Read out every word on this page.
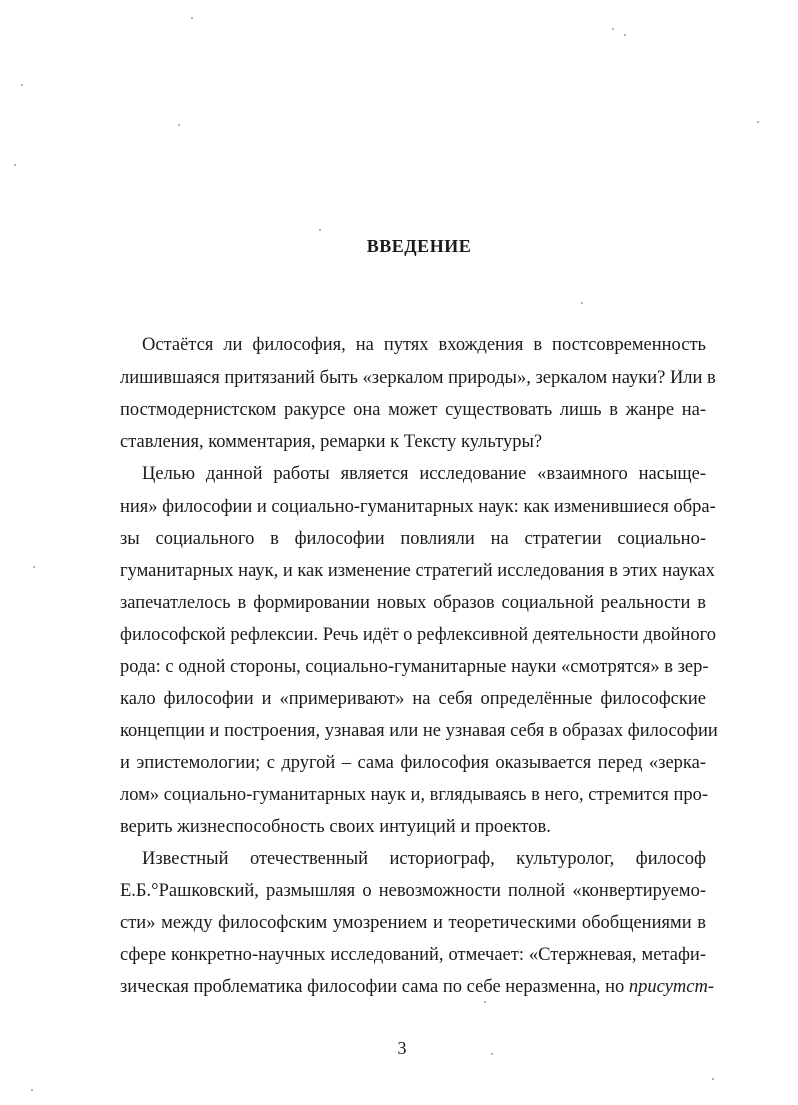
ВВЕДЕНИЕ
Остаётся ли философия, на путях вхождения в постсовременность
лишившаяся притязаний быть «зеркалом природы», зеркалом науки? Или в
постмодернистском ракурсе она может существовать лишь в жанре на-
ставления, комментария, ремарки к Тексту культуры?
Целью данной работы является исследование «взаимного насыще-
ния» философии и социально-гуманитарных наук: как изменившиеся обра-
зы социального в философии повлияли на стратегии социально-
гуманитарных наук, и как изменение стратегий исследования в этих науках
запечатлелось в формировании новых образов социальной реальности в
философской рефлексии. Речь идёт о рефлексивной деятельности двойного
рода: с одной стороны, социально-гуманитарные науки «смотрятся» в зер-
кало философии и «примеривают» на себя определённые философские
концепции и построения, узнавая или не узнавая себя в образах философии
и эпистемологии; с другой – сама философия оказывается перед «зерка-
лом» социально-гуманитарных наук и, вглядываясь в него, стремится про-
верить жизнеспособность своих интуиций и проектов.
Известный отечественный историограф, культуролог, философ
Е.Б.°Рашковский, размышляя о невозможности полной «конвертируемо-
сти» между философским умозрением и теоретическими обобщениями в
сфере конкретно-научных исследований, отмечает: «Стержневая, метафи-
зическая проблематика философии сама по себе неразменна, но присутст-
3
